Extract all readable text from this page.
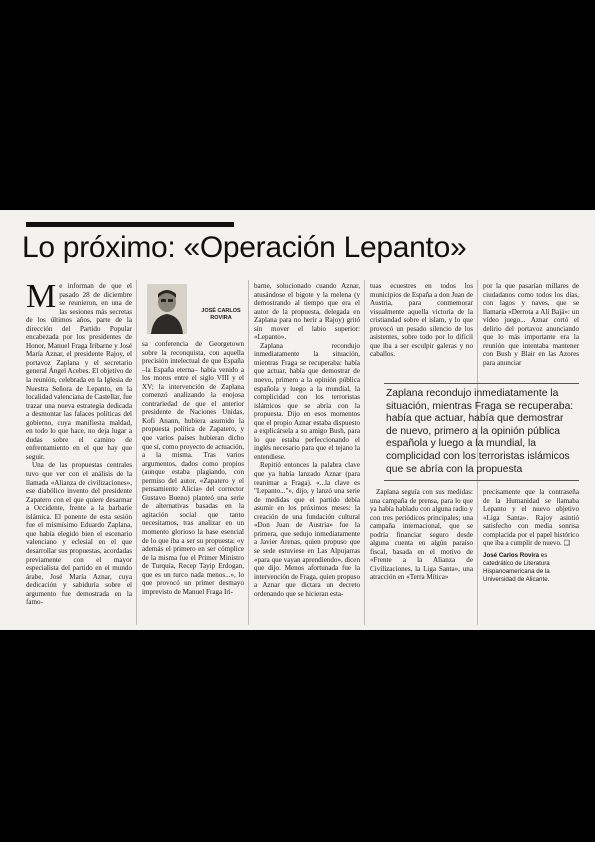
Lo próximo: «Operación Lepanto»

Me informan de que el pasado 28 de diciembre se reunieron, en una de las sesiones más secretas de los últimos años, parte de la dirección del Partido Popular encabezada por los presidentes de Honor, Manuel Fraga Iribarne y José María Aznar, el presidente Rajoy, el portavoz Zaplana y el secretario general Ángel Acebes. El objetivo de la reunión, celebrada en la Iglesia de Nuestra Señora de Lepanto, en la localidad valenciana de Castellar, fue trazar una nueva estrategia dedicada a desmontar las falaces políticas del gobierno, cuya manifiesta maldad, en todo lo que hace, no deja lugar a dudas sobre el camino de enfrentamiento en el que hay que seguir.

Una de las propuestas centrales tuvo que ver con el análisis de la llamada «Alianza de civilizaciones», ese diabólico invento del presidente Zapatero con el que quiere desarmar a Occidente, frente a la barbarie islámica. El ponente de esta sesión fue el mismísimo Eduardo Zaplana, que había elegido bien el escenario valenciano y eclesial en el que desarrollar sus propuestas, acordadas previamente con el mayor especialista del partido en el mundo árabe, José María Aznar, cuya dedicación y sabiduría sobre el argumento fue demostrada en la famo-

JOSÉ CARLOS ROVIRA

sa conferencia de Georgetown sobre la reconquista, con aquella precisión intelectual de que España –la España eterna– había venido a los moros entre el siglo VIII y el XV; la intervención de Zaplana comenzó analizando la enojosa contrariedad de que el anterior presidente de Naciones Unidas, Kofi Anann, hubiera asumido la propuesta política de Zapatero, y que varios países hubieran dicho que sí, como proyecto de actuación, a la misma. Tras varios argumentos, dados como propios (aunque estaba plagiando, con permiso del autor, «Zapatero y el pensamiento Alicia» del corrector Gustavo Bueno) planteó una serie de alternativas basadas en la agitación social que tanto necesitamos, tras analizar en un momento glorioso la base esencial de lo que iba a ser su propuesta: «y además el primero en ser cómplice de la misma fue el Primer Ministro de Turquía, Recep Tayip Erdogan, que es un turco nada menos...», lo que provocó un primer desmayo imprevisto de Manuel Fraga Iri-

barne, solucionado cuando Aznar, atusándose el bigote y la melena (y demostrando al tiempo que era el autor de la propuesta, delegada en Zaplana para no herir a Rajoy) gritó sin mover el labio superior: «Lepanto».

Zaplana recondujo inmediatamente la situación, mientras Fraga se recuperaba: había que actuar, había que demostrar de nuevo, primero a la opinión pública española y luego a la mundial, la complicidad con los terroristas islámicos que se abría con la propuesta. Dijo en esos momentos que el propio Aznar estaba dispuesto a explicársela a su amigo Bush, para lo que estaba perfeccionando el inglés necesario para que el tejano la entendiese.

Repitió entonces la palabra clave que ya había lanzado Aznar (para reanimar a Fraga). «...la clave es "Lepanto..."», dijo, y lanzó una serie de medidas que el partido debía asumir en los próximos meses: la creación de una fundación cultural «Don Juan de Austria» fue la primera, que sedujo inmediatamente a Javier Arenas, quien propuso que se sede estuviese en Las Alpujarras «para que vayan aprendiendo», dicen que dijo. Menos afortunada fue la intervención de Fraga, quien propuso a Aznar que dictara un decreto ordenando que se hicieran esta-

tuas ecuestres en todos los municipios de España a don Juan de Austria, para conmemorar visualmente aquella victoria de la cristiandad sobre el islam, y lo que provocó un pesado silencio de los asistentes, sobre todo por lo difícil que iba a ser esculpir galeras y no caballos.

por la que pasarían millares de ciudadanos como todos los días, con lagos y naves, que se llamaría «Derrota a Alí Bajá»: un vídeo juego... Aznar cortó el delirio del portavoz anunciando que lo más importante era la reunión que intentaba mantener con Bush y Blair en las Azores para anunciar

Zaplana recondujo inmediatamente la situación, mientras Fraga se recuperaba: había que actuar, había que demostrar de nuevo, primero a la opinión pública española y luego a la mundial, la complicidad con los terroristas islámicos que se abría con la propuesta

Zaplana seguía con sus medidas: una campaña de prensa, para lo que ya había hablado con alguna radio y con tres periódicos principales; una campaña internacional, que se podría financiar seguro desde alguna cuenta en algún paraíso fiscal, basada en el motivo de «Frente a la Alianza de Civilizaciones, la Liga Santa», una atracción en «Terra Mítica»

precisamente que la contraseña de la Humanidad se llamaba Lepanto y el nuevo objetivo «Liga Santa». Rajoy asintió satisfecho con media sonrisa complacida por el papel histórico que iba a cumplir de nuevo. ❑

José Carlos Rovira es catedrático de Literatura Hispanoamericana de la Universidad de Alicante.
